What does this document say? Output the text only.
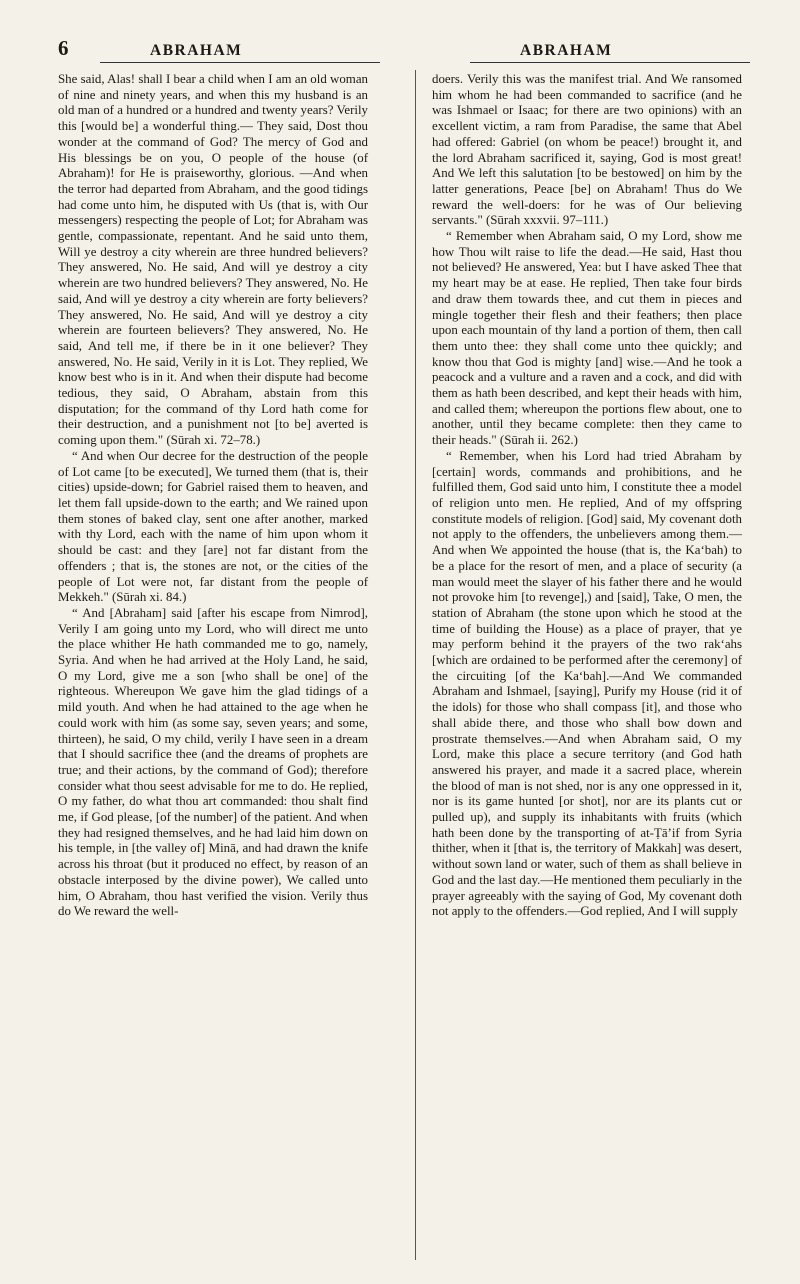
6	ABRAHAM	ABRAHAM

She said, Alas! shall I bear a child when I am an old woman of nine and ninety years, and when this my husband is an old man of a hundred or a hundred and twenty years? Verily this [would be] a wonderful thing.— They said, Dost thou wonder at the command of God? The mercy of God and His blessings be on you, O people of the house (of Abraham)! for He is praiseworthy, glorious. —And when the terror had departed from Abraham, and the good tidings had come unto him, he disputed with Us (that is, with Our messengers) respecting the people of Lot; for Abraham was gentle, compassionate, repentant. And he said unto them, Will ye destroy a city wherein are three hundred believers? They answered, No. He said, And will ye destroy a city wherein are two hundred believers? They answered, No. He said, And will ye destroy a city wherein are forty believers? They answered, No. He said, And will ye destroy a city wherein are fourteen believers? They answered, No. He said, And tell me, if there be in it one believer? They answered, No. He said, Verily in it is Lot. They replied, We know best who is in it. And when their dispute had become tedious, they said, O Abraham, abstain from this disputation; for the command of thy Lord hath come for their destruction, and a punishment not [to be] averted is coming upon them." (Sūrah xi. 72–78.)

“ And when Our decree for the destruction of the people of Lot came [to be executed], We turned them (that is, their cities) upside-down; for Gabriel raised them to heaven, and let them fall upside-down to the earth; and We rained upon them stones of baked clay, sent one after another, marked with thy Lord, each with the name of him upon whom it should be cast: and they [are] not far distant from the offenders ; that is, the stones are not, or the cities of the people of Lot were not, far distant from the people of Mekkeh." (Sūrah xi. 84.)

“ And [Abraham] said [after his escape from Nimrod], Verily I am going unto my Lord, who will direct me unto the place whither He hath commanded me to go, namely, Syria. And when he had arrived at the Holy Land, he said, O my Lord, give me a son [who shall be one] of the righteous. Whereupon We gave him the glad tidings of a mild youth. And when he had attained to the age when he could work with him (as some say, seven years; and some, thirteen), he said, O my child, verily I have seen in a dream that I should sacrifice thee (and the dreams of prophets are true; and their actions, by the command of God); therefore consider what thou seest advisable for me to do. He replied, O my father, do what thou art commanded: thou shalt find me, if God please, [of the number] of the patient. And when they had resigned themselves, and he had laid him down on his temple, in [the valley of] Minā, and had drawn the knife across his throat (but it produced no effect, by reason of an obstacle interposed by the divine power), We called unto him, O Abraham, thou hast verified the vision. Verily thus do We reward the well-

doers. Verily this was the manifest trial. And We ransomed him whom he had been commanded to sacrifice (and he was Ishmael or Isaac; for there are two opinions) with an excellent victim, a ram from Paradise, the same that Abel had offered: Gabriel (on whom be peace!) brought it, and the lord Abraham sacrificed it, saying, God is most great! And We left this salutation [to be bestowed] on him by the latter generations, Peace [be] on Abraham! Thus do We reward the well-doers: for he was of Our believing servants." (Sūrah xxxvii. 97–111.)

“ Remember when Abraham said, O my Lord, show me how Thou wilt raise to life the dead.—He said, Hast thou not believed? He answered, Yea: but I have asked Thee that my heart may be at ease. He replied, Then take four birds and draw them towards thee, and cut them in pieces and mingle together their flesh and their feathers; then place upon each mountain of thy land a portion of them, then call them unto thee: they shall come unto thee quickly; and know thou that God is mighty [and] wise.—And he took a peacock and a vulture and a raven and a cock, and did with them as hath been described, and kept their heads with him, and called them; whereupon the portions flew about, one to another, until they became complete: then they came to their heads." (Sūrah ii. 262.)

“ Remember, when his Lord had tried Abraham by [certain] words, commands and prohibitions, and he fulfilled them, God said unto him, I constitute thee a model of religion unto men. He replied, And of my offspring constitute models of religion. [God] said, My covenant doth not apply to the offenders, the unbelievers among them.—And when We appointed the house (that is, the Ka‘bah) to be a place for the resort of men, and a place of security (a man would meet the slayer of his father there and he would not provoke him [to revenge],) and [said], Take, O men, the station of Abraham (the stone upon which he stood at the time of building the House) as a place of prayer, that ye may perform behind it the prayers of the two rak‘ahs [which are ordained to be performed after the ceremony] of the circuiting [of the Ka‘bah].—And We commanded Abraham and Ishmael, [saying], Purify my House (rid it of the idols) for those who shall compass [it], and those who shall abide there, and those who shall bow down and prostrate themselves.—And when Abraham said, O my Lord, make this place a secure territory (and God hath answered his prayer, and made it a sacred place, wherein the blood of man is not shed, nor is any one oppressed in it, nor is its game hunted [or shot], nor are its plants cut or pulled up), and supply its inhabitants with fruits (which hath been done by the transporting of at-Ṭā’if from Syria thither, when it [that is, the territory of Makkah] was desert, without sown land or water, such of them as shall believe in God and the last day.—He mentioned them peculiarly in the prayer agreeably with the saying of God, My covenant doth not apply to the offenders.—God replied, And I will supply
